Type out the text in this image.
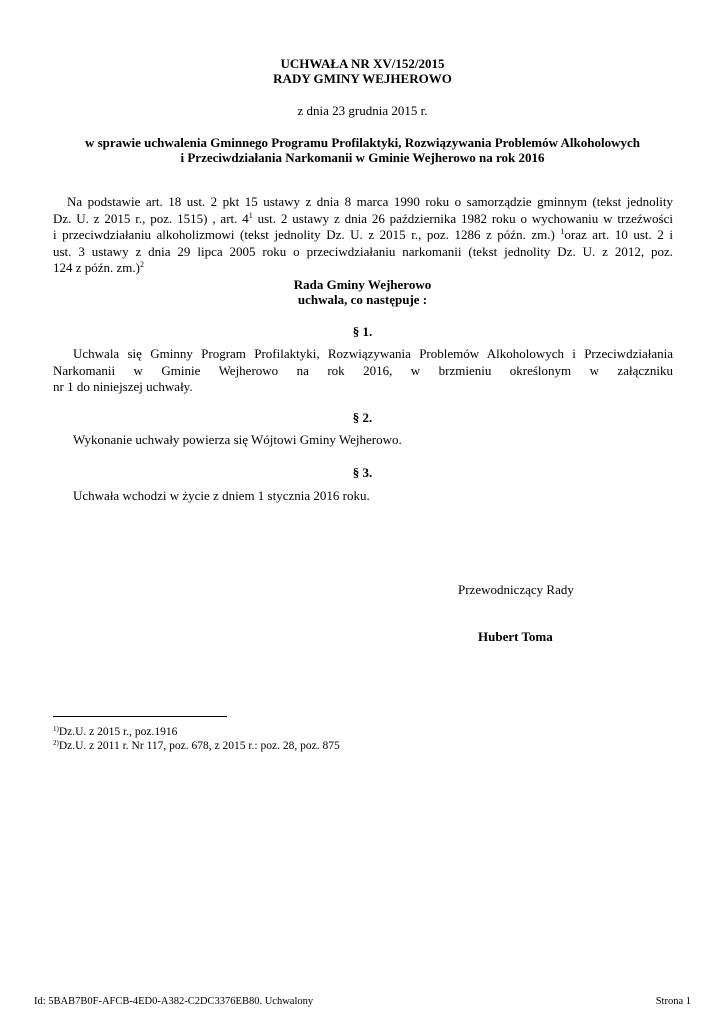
UCHWAŁA NR XV/152/2015
RADY GMINY WEJHEROWO
z dnia 23 grudnia 2015 r.
w sprawie uchwalenia Gminnego Programu Profilaktyki, Rozwiązywania Problemów Alkoholowych
i Przeciwdziałania Narkomanii w Gminie Wejherowo na rok 2016
Na podstawie art. 18 ust. 2 pkt 15 ustawy z dnia 8 marca 1990 roku o samorządzie gminnym (tekst jednolity
Dz. U. z 2015 r., poz. 1515) , art. $4^1$ ust. 2 ustawy z dnia 26 października 1982 roku o wychowaniu w trzeźwości
i przeciwdziałaniu alkoholizmowi (tekst jednolity Dz. U. z 2015 r., poz. 1286 z późn. zm.) $^1$oraz art. 10 ust. 2 i
ust. 3 ustawy z dnia 29 lipca 2005 roku o przeciwdziałaniu narkomanii (tekst jednolity Dz. U. z 2012, poz.
124 z późn. zm.)$^2$
Rada Gminy Wejherowo
uchwala, co następuje :
§ 1.
Uchwala się Gminny Program Profilaktyki, Rozwiązywania Problemów Alkoholowych i Przeciwdziałania
Narkomanii w Gminie Wejherowo na rok 2016, w brzmieniu określonym w załączniku
nr 1 do niniejszej uchwały.
§ 2.
Wykonanie uchwały powierza się Wójtowi Gminy Wejherowo.
§ 3.
Uchwała wchodzi w życie z dniem 1 stycznia 2016 roku.
Przewodniczący Rady
Hubert Toma
$^{1)}$Dz.U. z 2015 r., poz.1916
$^{2)}$Dz.U. z 2011 r. Nr 117, poz. 678, z 2015 r.: poz. 28, poz. 875
Id: 5BAB7B0F-AFCB-4ED0-A382-C2DC3376EB80. Uchwalony	Strona 1
